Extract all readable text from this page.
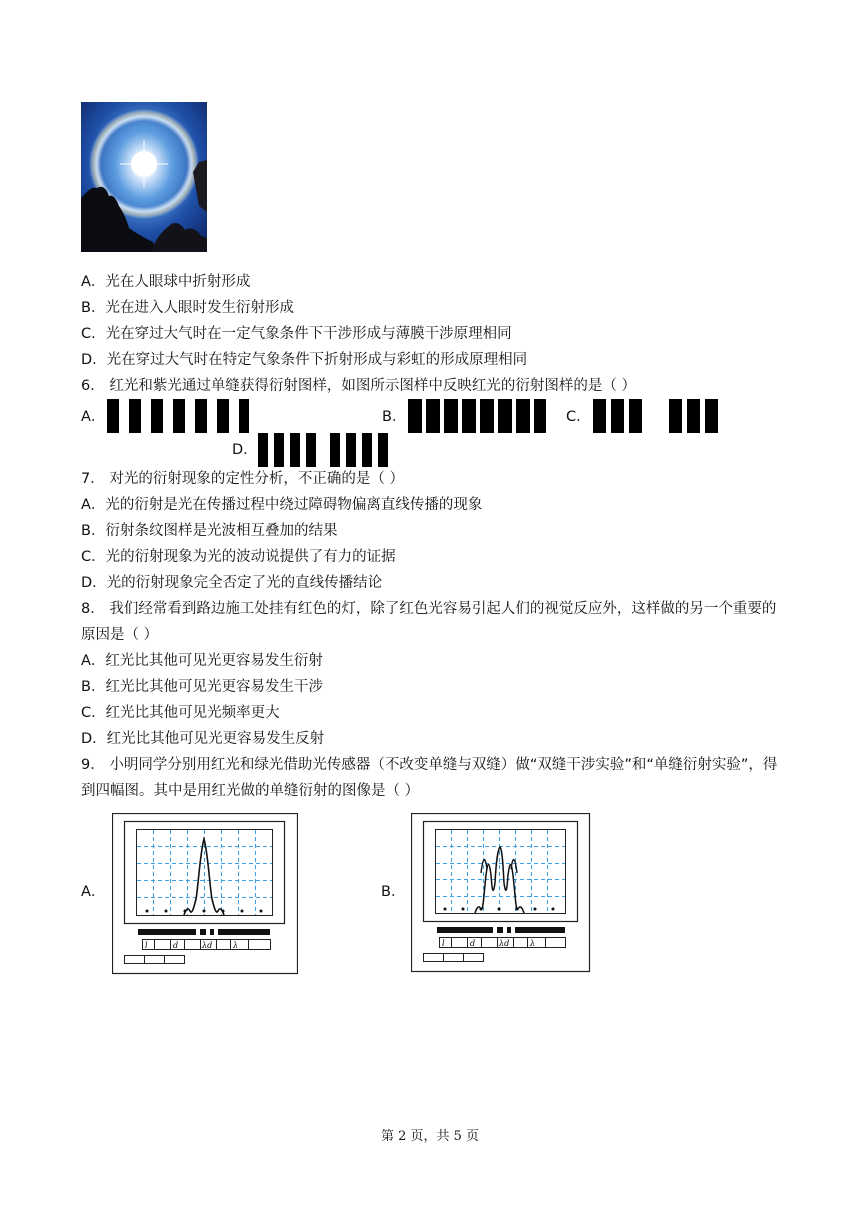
A．光在人眼球中折射形成
B．光在进入人眼时发生衍射形成
C．光在穿过大气时在一定气象条件下干涉形成与薄膜干涉原理相同
D．光在穿过大气时在特定气象条件下折射形成与彩虹的形成原理相同
6． 红光和紫光通过单缝获得衍射图样，如图所示图样中反映红光的衍射图样的是（ ）
A．	B．	C．
D．
7． 对光的衍射现象的定性分析，不正确的是（ ）
A．光的衍射是光在传播过程中绕过障碍物偏离直线传播的现象
B．衍射条纹图样是光波相互叠加的结果
C．光的衍射现象为光的波动说提供了有力的证据
D．光的衍射现象完全否定了光的直线传播结论
8． 我们经常看到路边施工处挂有红色的灯，除了红色光容易引起人们的视觉反应外，这样做的另一个重要的
原因是（ ）
A．红光比其他可见光更容易发生衍射
B．红光比其他可见光更容易发生干涉
C．红光比其他可见光频率更大
D．红光比其他可见光更容易发生反射
9． 小明同学分别用红光和绿光借助光传感器（不改变单缝与双缝）做“双缝干涉实验”和“单缝衍射实验”，得
到四幅图。其中是用红光做的单缝衍射的图像是（ ）
A．
l	d	λd	λ
B．
l	d	λd	λ
第 2 页，共 5 页
